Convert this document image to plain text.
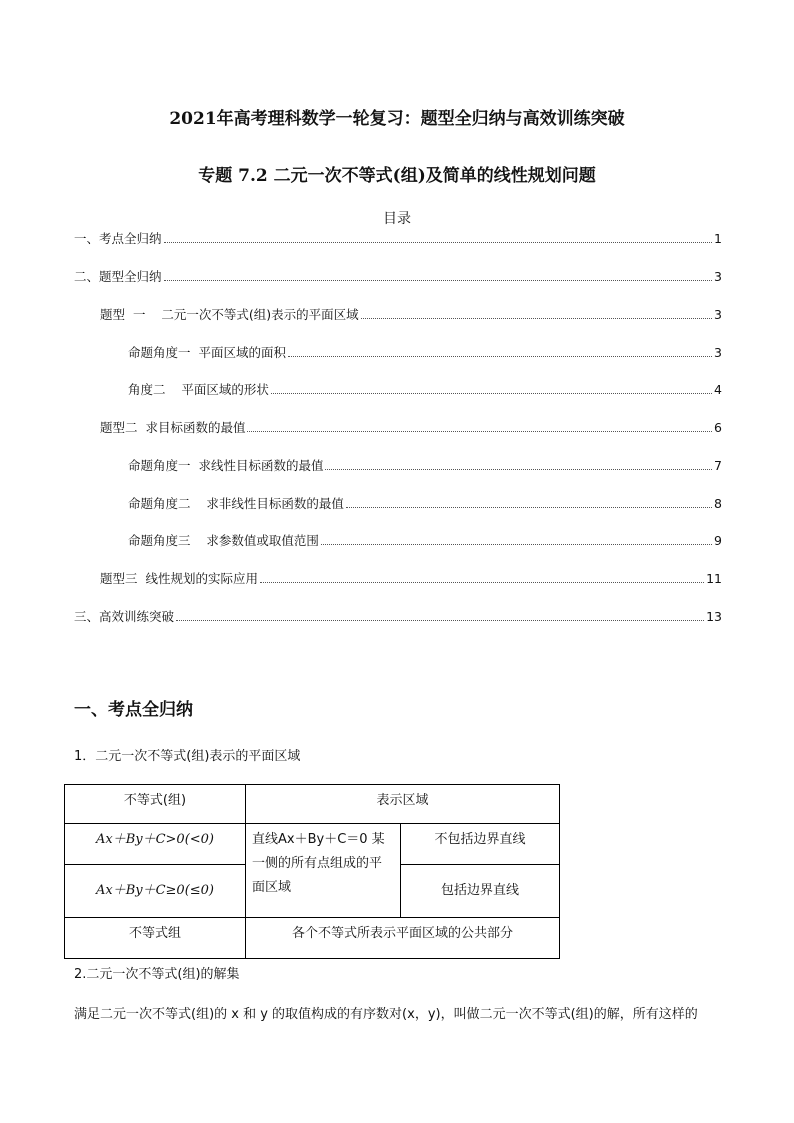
2021年高考理科数学一轮复习：题型全归纳与高效训练突破
专题 7.2 二元一次不等式(组)及简单的线性规划问题
目录
一、考点全归纳	1
二、题型全归纳	3
题型  一    二元一次不等式(组)表示的平面区域	3
命题角度一  平面区域的面积	3
角度二    平面区域的形状	4
题型二  求目标函数的最值	6
命题角度一  求线性目标函数的最值	7
命题角度二    求非线性目标函数的最值	8
命题角度三    求参数值或取值范围	9
题型三  线性规划的实际应用	11
三、高效训练突破	13
一、考点全归纳
1．二元一次不等式(组)表示的平面区域
不等式(组)	表示区域	
Ax＋By＋C>0(<0)	直线Ax＋By＋C＝0 某一侧的所有点组成的平面区域	不包括边界直线
Ax＋By＋C≥0(≤0)		包括边界直线
不等式组	各个不等式所表示平面区域的公共部分	
2.二元一次不等式(组)的解集
满足二元一次不等式(组)的 x 和 y 的取值构成的有序数对(x，y)，叫做二元一次不等式(组)的解，所有这样的
